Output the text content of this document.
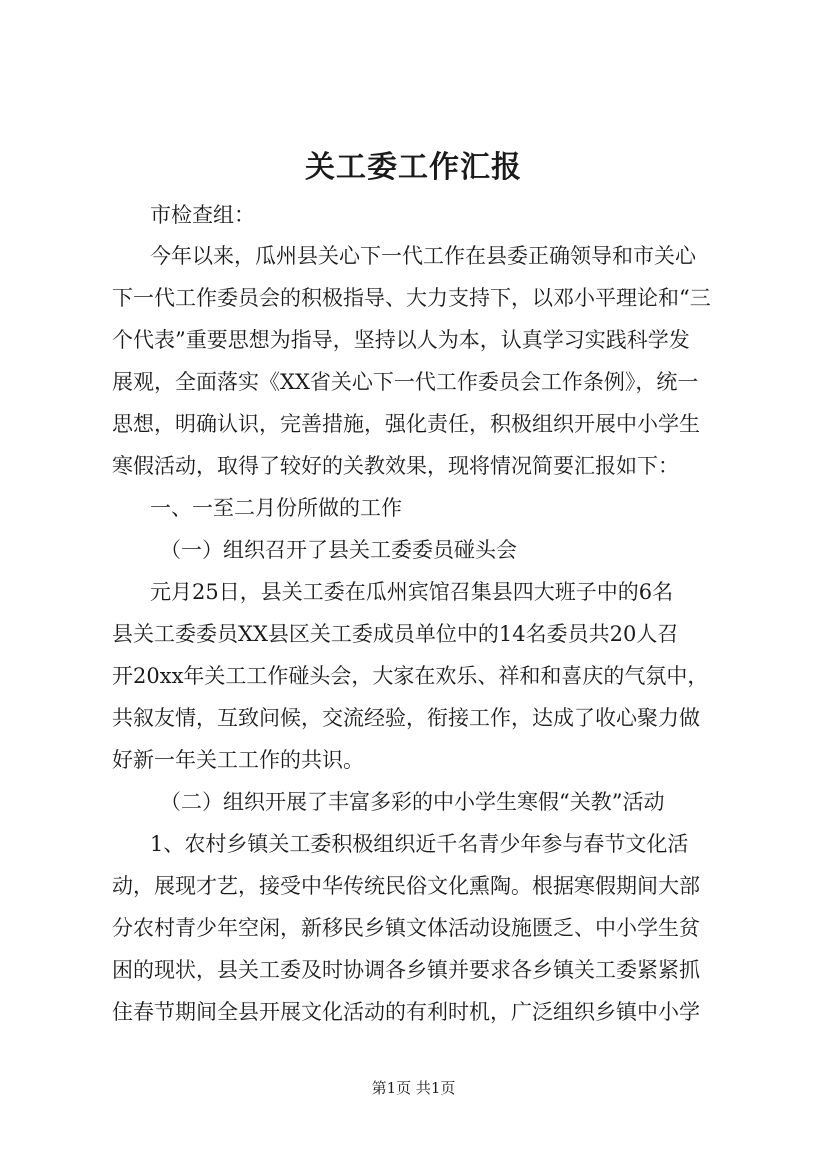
关工委工作汇报
市检查组：
今年以来，瓜州县关心下一代工作在县委正确领导和市关心
下一代工作委员会的积极指导、大力支持下，以邓小平理论和“三
个代表”重要思想为指导，坚持以人为本，认真学习实践科学发
展观，全面落实《XX省关心下一代工作委员会工作条例》，统一
思想，明确认识，完善措施，强化责任，积极组织开展中小学生
寒假活动，取得了较好的关教效果，现将情况简要汇报如下：
一、一至二月份所做的工作
（一）组织召开了县关工委委员碰头会
元月25日，县关工委在瓜州宾馆召集县四大班子中的6名
县关工委委员XX县区关工委成员单位中的14名委员共20人召
开20xx年关工工作碰头会，大家在欢乐、祥和和喜庆的气氛中，
共叙友情，互致问候，交流经验，衔接工作，达成了收心聚力做
好新一年关工工作的共识。
（二）组织开展了丰富多彩的中小学生寒假“关教”活动
1、农村乡镇关工委积极组织近千名青少年参与春节文化活
动，展现才艺，接受中华传统民俗文化熏陶。根据寒假期间大部
分农村青少年空闲，新移民乡镇文体活动设施匮乏、中小学生贫
困的现状，县关工委及时协调各乡镇并要求各乡镇关工委紧紧抓
住春节期间全县开展文化活动的有利时机，广泛组织乡镇中小学
第1页 共1页
